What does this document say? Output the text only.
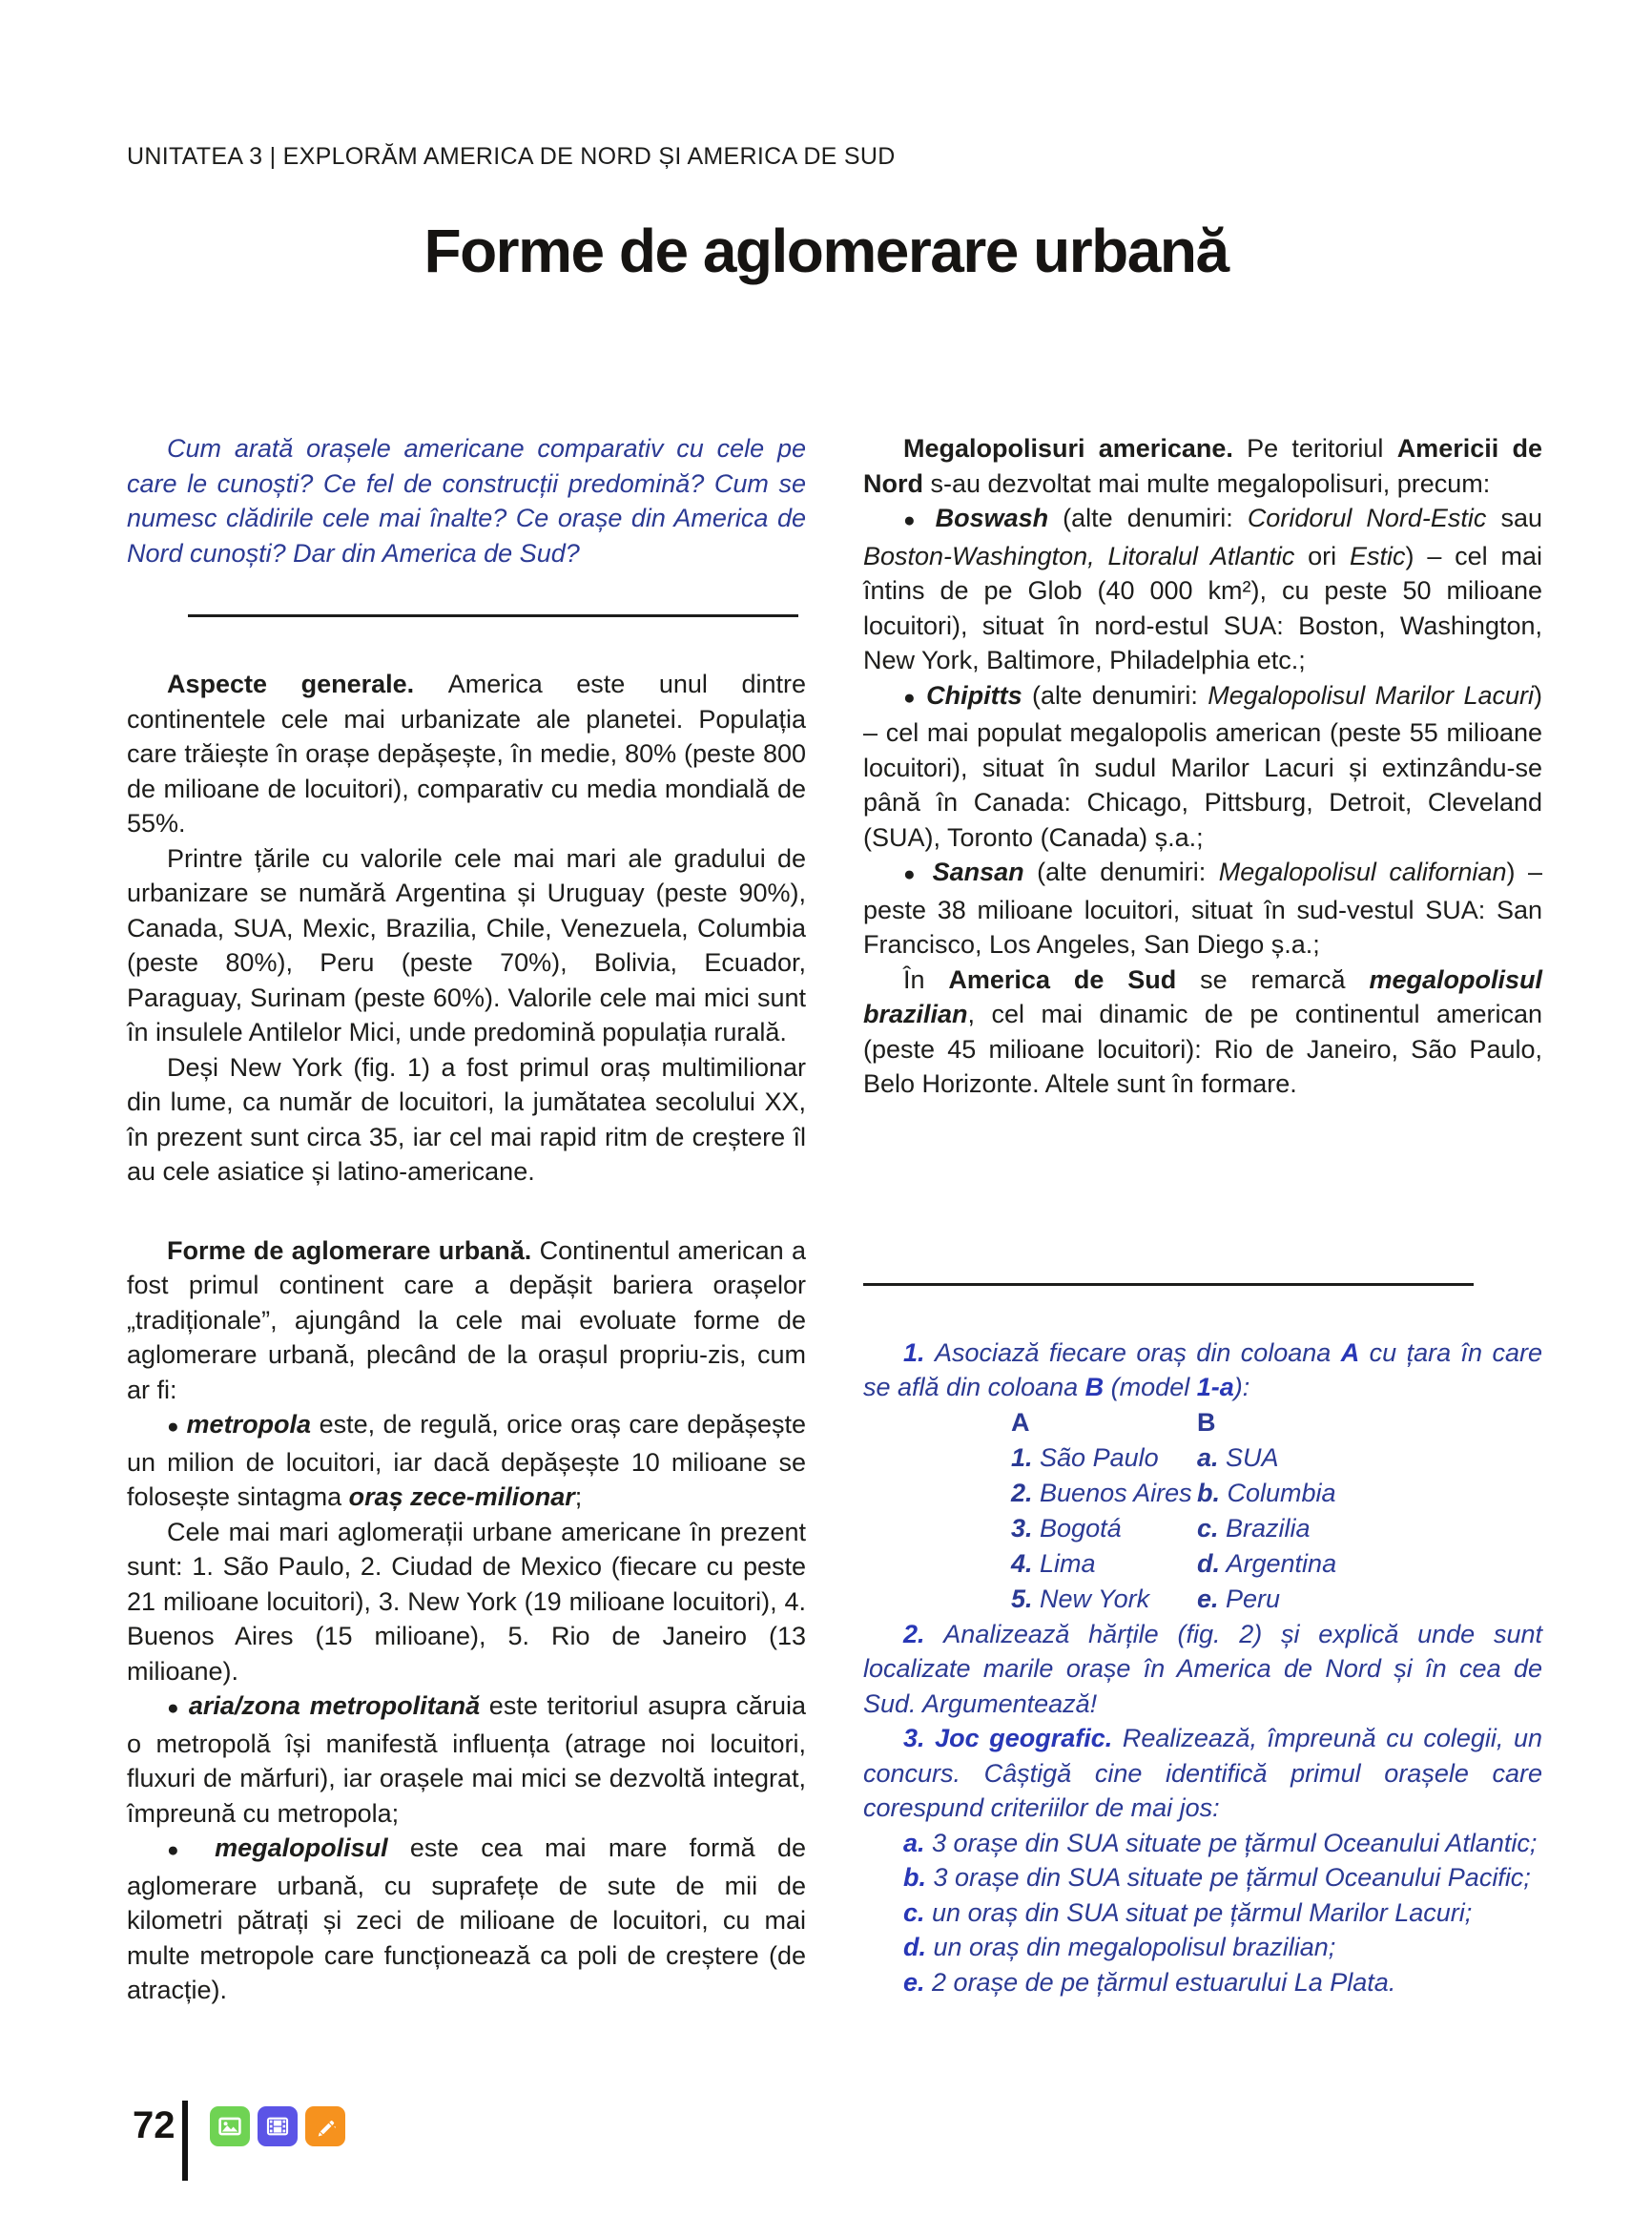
UNITATEA 3 | EXPLORĂM AMERICA DE NORD ȘI AMERICA DE SUD
Forme de aglomerare urbană

Cum arată orașele americane comparativ cu cele pe care le cunoști? Ce fel de construcții predomină? Cum se numesc clădirile cele mai înalte? Ce orașe din America de Nord cunoști? Dar din America de Sud?

Aspecte generale. America este unul dintre continentele cele mai urbanizate ale planetei. Populația care trăiește în orașe depășește, în medie, 80% (peste 800 de milioane de locuitori), comparativ cu media mondială de 55%.

Printre țările cu valorile cele mai mari ale gradului de urbanizare se numără Argentina și Uruguay (peste 90%), Canada, SUA, Mexic, Brazilia, Chile, Venezuela, Columbia (peste 80%), Peru (peste 70%), Bolivia, Ecuador, Paraguay, Surinam (peste 60%). Valorile cele mai mici sunt în insulele Antilelor Mici, unde predomină populația rurală.

Deși New York (fig. 1) a fost primul oraș multimilionar din lume, ca număr de locuitori, la jumătatea secolului XX, în prezent sunt circa 35, iar cel mai rapid ritm de creștere îl au cele asiatice și latino-americane.

Forme de aglomerare urbană. Continentul american a fost primul continent care a depășit bariera orașelor „tradiționale”, ajungând la cele mai evoluate forme de aglomerare urbană, plecând de la orașul propriu-zis, cum ar fi:

● metropola este, de regulă, orice oraș care depășește un milion de locuitori, iar dacă depășește 10 milioane se folosește sintagma oraș zece-milionar;

Cele mai mari aglomerații urbane americane în prezent sunt: 1. São Paulo, 2. Ciudad de Mexico (fiecare cu peste 21 milioane locuitori), 3. New York (19 milioane locuitori), 4. Buenos Aires (15 milioane), 5. Rio de Janeiro (13 milioane).

● aria/zona metropolitană este teritoriul asupra căruia o metropolă își manifestă influența (atrage noi locuitori, fluxuri de mărfuri), iar orașele mai mici se dezvoltă integrat, împreună cu metropola;

● megalopolisul este cea mai mare formă de aglomerare urbană, cu suprafețe de sute de mii de kilometri pătrați și zeci de milioane de locuitori, cu mai multe metropole care funcționează ca poli de creștere (de atracție).

Megalopolisuri americane. Pe teritoriul Americii de Nord s-au dezvoltat mai multe megalopolisuri, precum:

● Boswash (alte denumiri: Coridorul Nord-Estic sau Boston-Washington, Litoralul Atlantic ori Estic) – cel mai întins de pe Glob (40 000 km²), cu peste 50 milioane locuitori), situat în nord-estul SUA: Boston, Washington, New York, Baltimore, Philadelphia etc.;

● Chipitts (alte denumiri: Megalopolisul Marilor Lacuri) – cel mai populat megalopolis american (peste 55 milioane locuitori), situat în sudul Marilor Lacuri și extinzându-se până în Canada: Chicago, Pittsburg, Detroit, Cleveland (SUA), Toronto (Canada) ș.a.;

● Sansan (alte denumiri: Megalopolisul californian) – peste 38 milioane locuitori, situat în sud-vestul SUA: San Francisco, Los Angeles, San Diego ș.a.;

În America de Sud se remarcă megalopolisul brazilian, cel mai dinamic de pe continentul american (peste 45 milioane locuitori): Rio de Janeiro, São Paulo, Belo Horizonte. Altele sunt în formare.

1. Asociază fiecare oraș din coloana A cu țara în care se află din coloana B (model 1-a):

A	B
1. São Paulo	a. SUA
2. Buenos Aires b. Columbia
3. Bogotá	c. Brazilia
4. Lima	d. Argentina
5. New York	e. Peru

2. Analizează hărțile (fig. 2) și explică unde sunt localizate marile orașe în America de Nord și în cea de Sud. Argumentează!

3. Joc geografic. Realizează, împreună cu colegii, un concurs. Câștigă cine identifică primul orașele care corespund criteriilor de mai jos:

a. 3 orașe din SUA situate pe țărmul Oceanului Atlantic;

b. 3 orașe din SUA situate pe țărmul Oceanului Pacific;

c. un oraș din SUA situat pe țărmul Marilor Lacuri;

d. un oraș din megalopolisul brazilian;

e. 2 orașe de pe țărmul estuarului La Plata.

72
